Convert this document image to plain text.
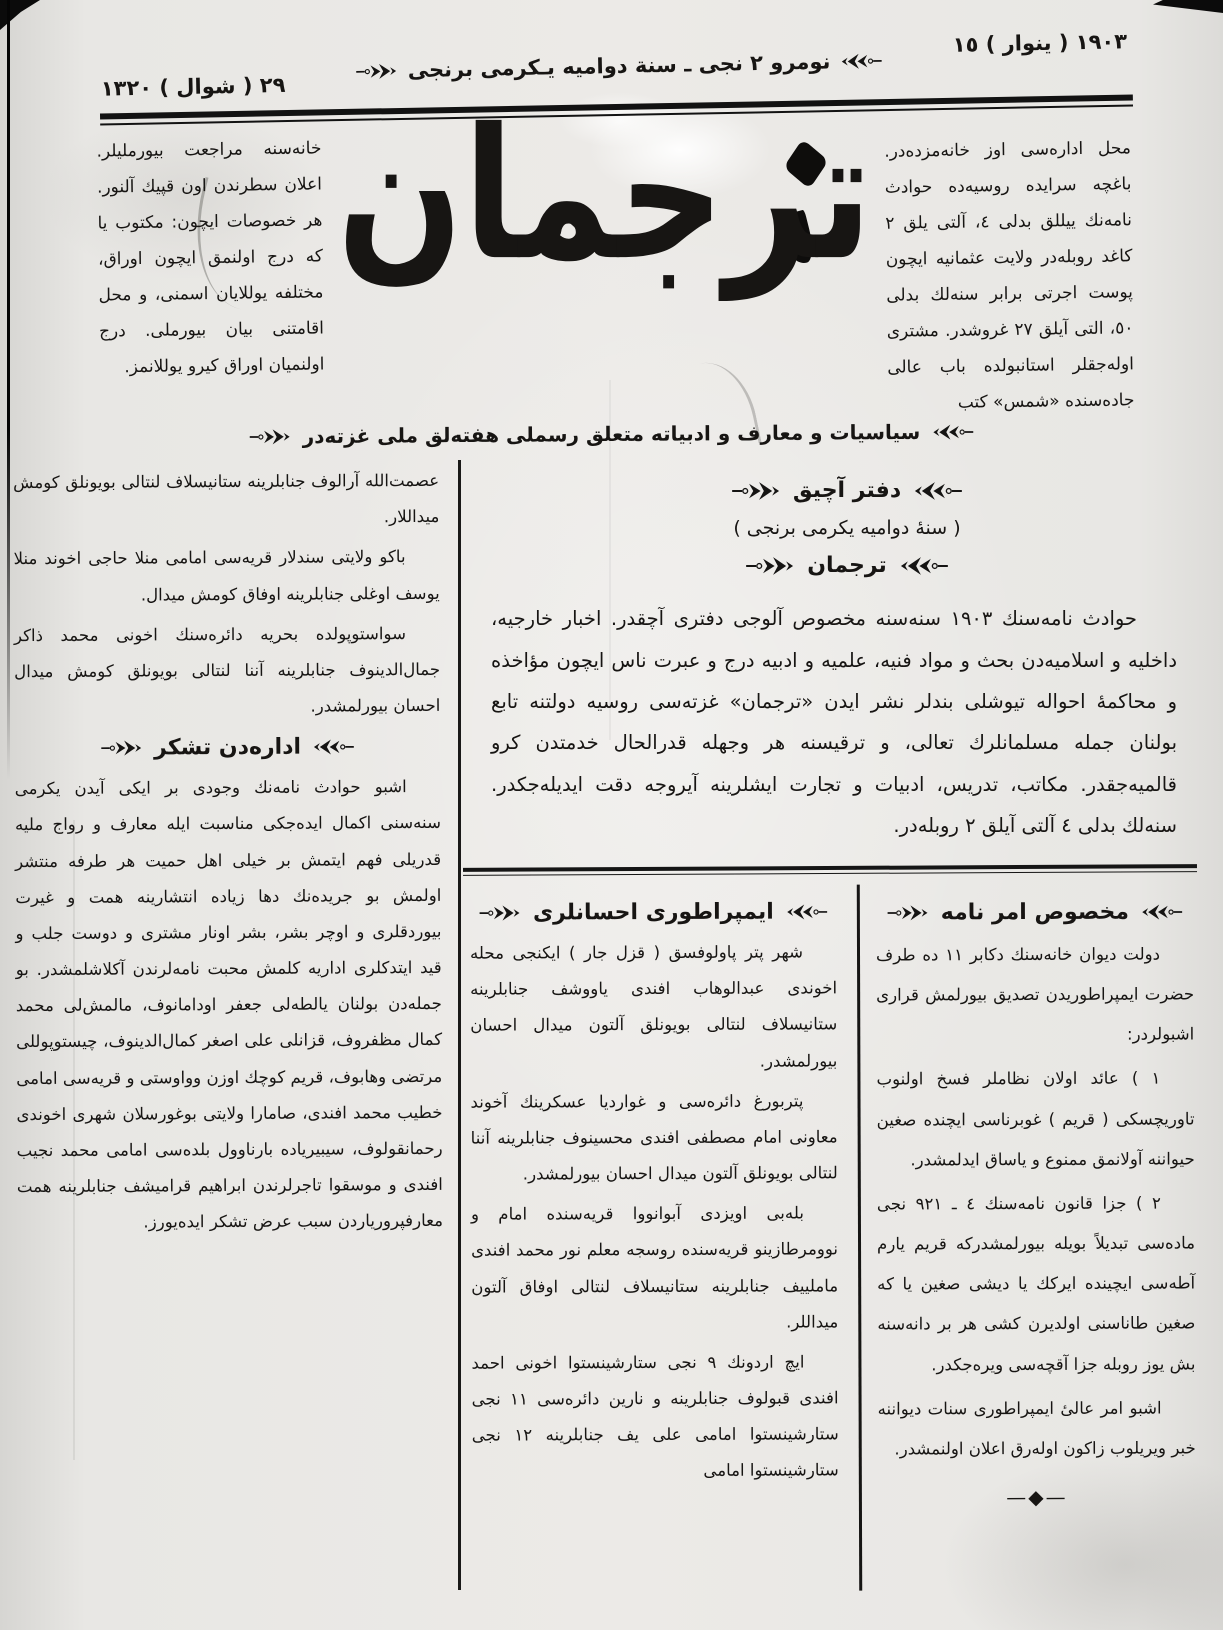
١٩٠٣ ( ينوار ) ١٥
نومرو ٢ نجى ـ سنة دواميه يـكرمى برنجى
٢٩ ( شوال ) ١٣٢٠
محل اداره‌سى اوز خانه‌مزده‌در. باغچه سرايده روسيه‌ده حوادث نامه‌نك ييللق بدلى ٤، آلتى يلق ٢ كاغد روبله‌در ولايت عثمانيه ايچون پوست اجرتى برابر سنه‌لك بدلى ٥٠، التى آيلق ٢٧ غروشدر. مشترى اوله‌جقلر استانبولده باب عالى جاده‌سنده «شمس» كتب
ترجمان
خانه‌سنه مراجعت بيورمليلر. اعلان سطرندن اون قپيك آلنور. هر خصوصات ايچون: مكتوب يا كه درج اولنمق ايچون اوراق، مختلفه يوللايان اسمنى، و محل اقامتنى بيان بيورملى. درج اولنميان اوراق كيرو يوللانمز.
سياسيات و معارف و ادبياته متعلق رسملى هفته‌لق ملى غزته‌در
دفتر آچيق
( سنهٔ دواميه يكرمى برنجى )
ترجمان
حوادث نامه‌سنك ١٩٠٣ سنه‌سنه مخصوص آلوجى دفترى آچقدر. اخبار خارجيه، داخليه و اسلاميه‌دن بحث و مواد فنيه، علميه و ادبيه درج و عبرت ناس ايچون مؤاخذه و محاكمهٔ احواله تيوشلى بندلر نشر ايدن «ترجمان» غزته‌سى روسيه دولتنه تابع بولنان جمله مسلمانلرك تعالى، و ترقيسنه هر وجهله قدرالحال خدمتدن كرو قالميه‌جقدر. مكاتب، تدريس، ادبيات و تجارت ايشلرينه آيروجه دقت ايديله‌جكدر. سنه‌لك بدلى ٤ آلتى آيلق ٢ روبله‌در.
مخصوص امر نامه
دولت ديوان خانه‌سنك دكابر ١١ ده طرف حضرت ايمپراطوريدن تصديق بيورلمش قرارى اشبولردر:
١ ) عائد اولان نظاملر فسخ اولنوب تاوريچسكى ( قريم ) غوبرناسى ايچنده صغين حيواننه آولانمق ممنوع و ياساق ايدلمشدر.
٢ ) جزا قانون نامه‌سنك ٤ ـ ٩٢١ نجى ماده‌سى تبديلاً بويله بيورلمشدركه قريم يارم آطه‌سى ايچينده ايركك يا ديشى صغين يا كه صغين طاناسنى اولديرن كشى هر بر دانه‌سنه بش يوز روبله جزا آقچه‌سى ويره‌جكدر.
اشبو امر عالىٔ ايمپراطورى سنات ديواننه خبر ويريلوب زاكون اوله‌رق اعلان اولنمشدر.
—◆—
ايمپراطورى احسانلرى
شهر پتر پاولوفسق ( قزل جار ) ايكنجى محله اخوندى عبدالوهاب افندى ياووشف جنابلرينه ستانيسلاف لنتالى بويونلق آلتون ميدال احسان بيورلمشدر.
پتربورغ دائره‌سى و غوارديا عسكرينك آخوند معاونى امام مصطفى افندى محسينوف جنابلرينه آننا لنتالى بويونلق آلتون ميدال احسان بيورلمشدر.
بله‌بى اويزدى آبوانووا قريه‌سنده امام و نوومرطازينو قريه‌سنده روسجه معلم نور محمد افندى ماملييف جنابلرينه ستانيسلاف لنتالى اوفاق آلتون ميداللر.
ايچ اردونك ٩ نجى ستارشينستوا اخونى احمد افندى قبولوف جنابلرينه و نارين دائره‌سى ١١ نجى ستارشينستوا امامى على يف جنابلرينه ١٢ نجى ستارشينستوا امامى
عصمت‌الله آرالوف جنابلرينه ستانيسلاف لنتالى بويونلق كومش ميداللار.
باكو ولايتى سندلار قريه‌سى امامى منلا حاجى اخوند منلا يوسف اوغلى جنابلرينه اوفاق كومش ميدال.
سواستوپولده بحريه دائره‌سنك اخونى محمد ذاكر جمال‌الدينوف جنابلرينه آننا لنتالى بويونلق كومش ميدال احسان بيورلمشدر.
اداره‌دن تشكر
اشبو حوادث نامه‌نك وجودى بر ايكى آيدن يكرمى سنه‌سنى اكمال ايده‌جكى مناسبت ايله معارف و رواج مليه قدريلى فهم ايتمش بر خيلى اهل حميت هر طرفه منتشر اولمش بو جريده‌نك دها زياده انتشارينه همت و غيرت بيوردقلرى و اوچر بشر، بشر اونار مشترى و دوست جلب و قيد ايتدكلرى اداريه كلمش محبت نامه‌لرندن آكلاشلمشدر. بو جمله‌دن بولنان يالطه‌لى جعفر اودامانوف، مالمش‌لى محمد كمال مظفروف، قزانلى على اصغر كمال‌الدينوف، چيستوپوللى مرتضى وهابوف، قريم كوچك اوزن وواوستى و قريه‌سى امامى خطيب محمد افندى، صامارا ولايتى بوغورسلان شهرى اخوندى رحمانقولوف، سيبيرياده بارناوول بلده‌سى امامى محمد نجيب افندى و موسقوا تاجرلرندن ابراهيم قراميشف جنابلرينه همت معارفپرورياردن سبب عرض تشكر ايده‌يورز.
